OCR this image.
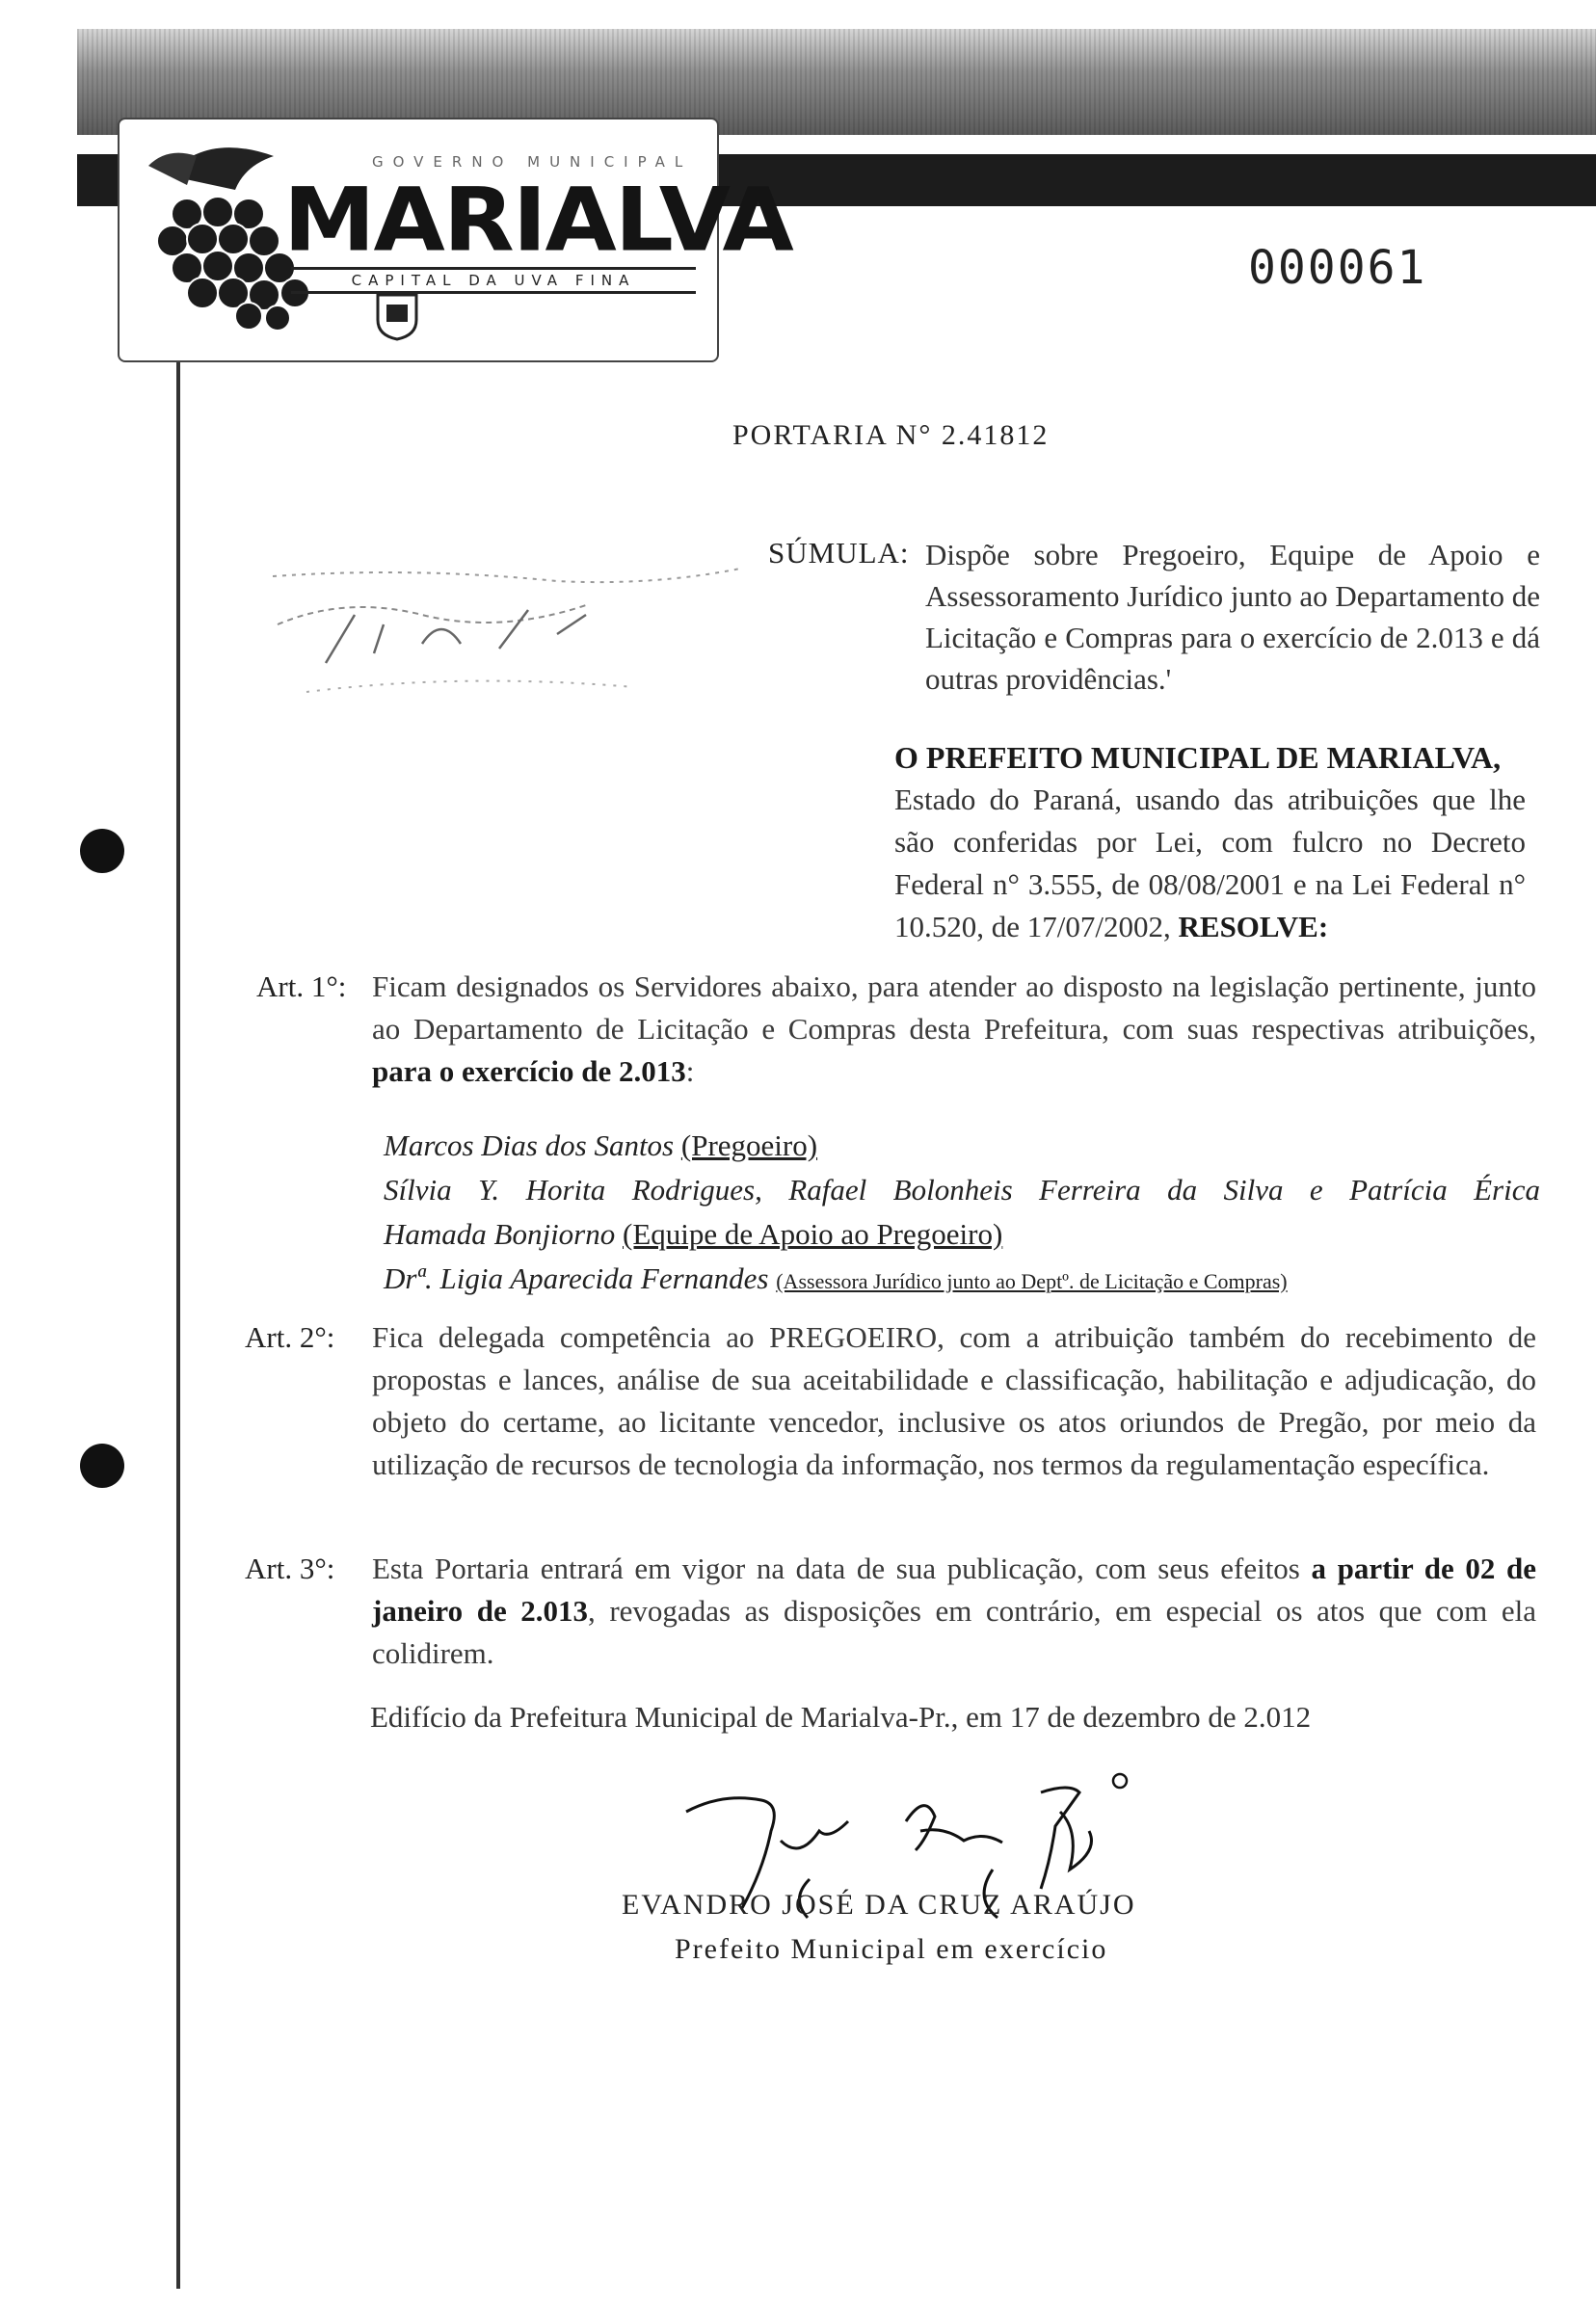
GOVERNO MUNICIPAL
MARIALVA
CAPITAL DA UVA FINA	000061
PORTARIA N° 2.41812
SÚMULA: Dispõe sobre Pregoeiro, Equipe de Apoio e Assessoramento Jurídico junto ao Departamento de Licitação e Compras para o exercício de 2.013 e dá outras providências.'

O PREFEITO MUNICIPAL DE MARIALVA,
Estado do Paraná, usando das atribuições que lhe são conferidas por Lei, com fulcro no Decreto Federal n° 3.555, de 08/08/2001 e na Lei Federal n° 10.520, de 17/07/2002, RESOLVE:

Art. 1°: Ficam designados os Servidores abaixo, para atender ao disposto na legislação pertinente, junto ao Departamento de Licitação e Compras desta Prefeitura, com suas respectivas atribuições, para o exercício de 2.013:

Marcos Dias dos Santos (Pregoeiro)
Sílvia Y. Horita Rodrigues, Rafael Bolonheis Ferreira da Silva e Patrícia Érica
Hamada Bonjiorno (Equipe de Apoio ao Pregoeiro)
Drª. Ligia Aparecida Fernandes (Assessora Jurídico junto ao Deptº. de Licitação e Compras)
Art. 2°: Fica delegada competência ao PREGOEIRO, com a atribuição também do recebimento de propostas e lances, análise de sua aceitabilidade e classificação, habilitação e adjudicação, do objeto do certame, ao licitante vencedor, inclusive os atos oriundos de Pregão, por meio da utilização de recursos de tecnologia da informação, nos termos da regulamentação específica.

Art. 3°: Esta Portaria entrará em vigor na data de sua publicação, com seus efeitos a partir de 02 de janeiro de 2.013, revogadas as disposições em contrário, em especial os atos que com ela colidirem.

Edifício da Prefeitura Municipal de Marialva-Pr., em 17 de dezembro de 2.012
EVANDRO JOSÉ DA CRUZ ARAÚJO
Prefeito Municipal em exercício
